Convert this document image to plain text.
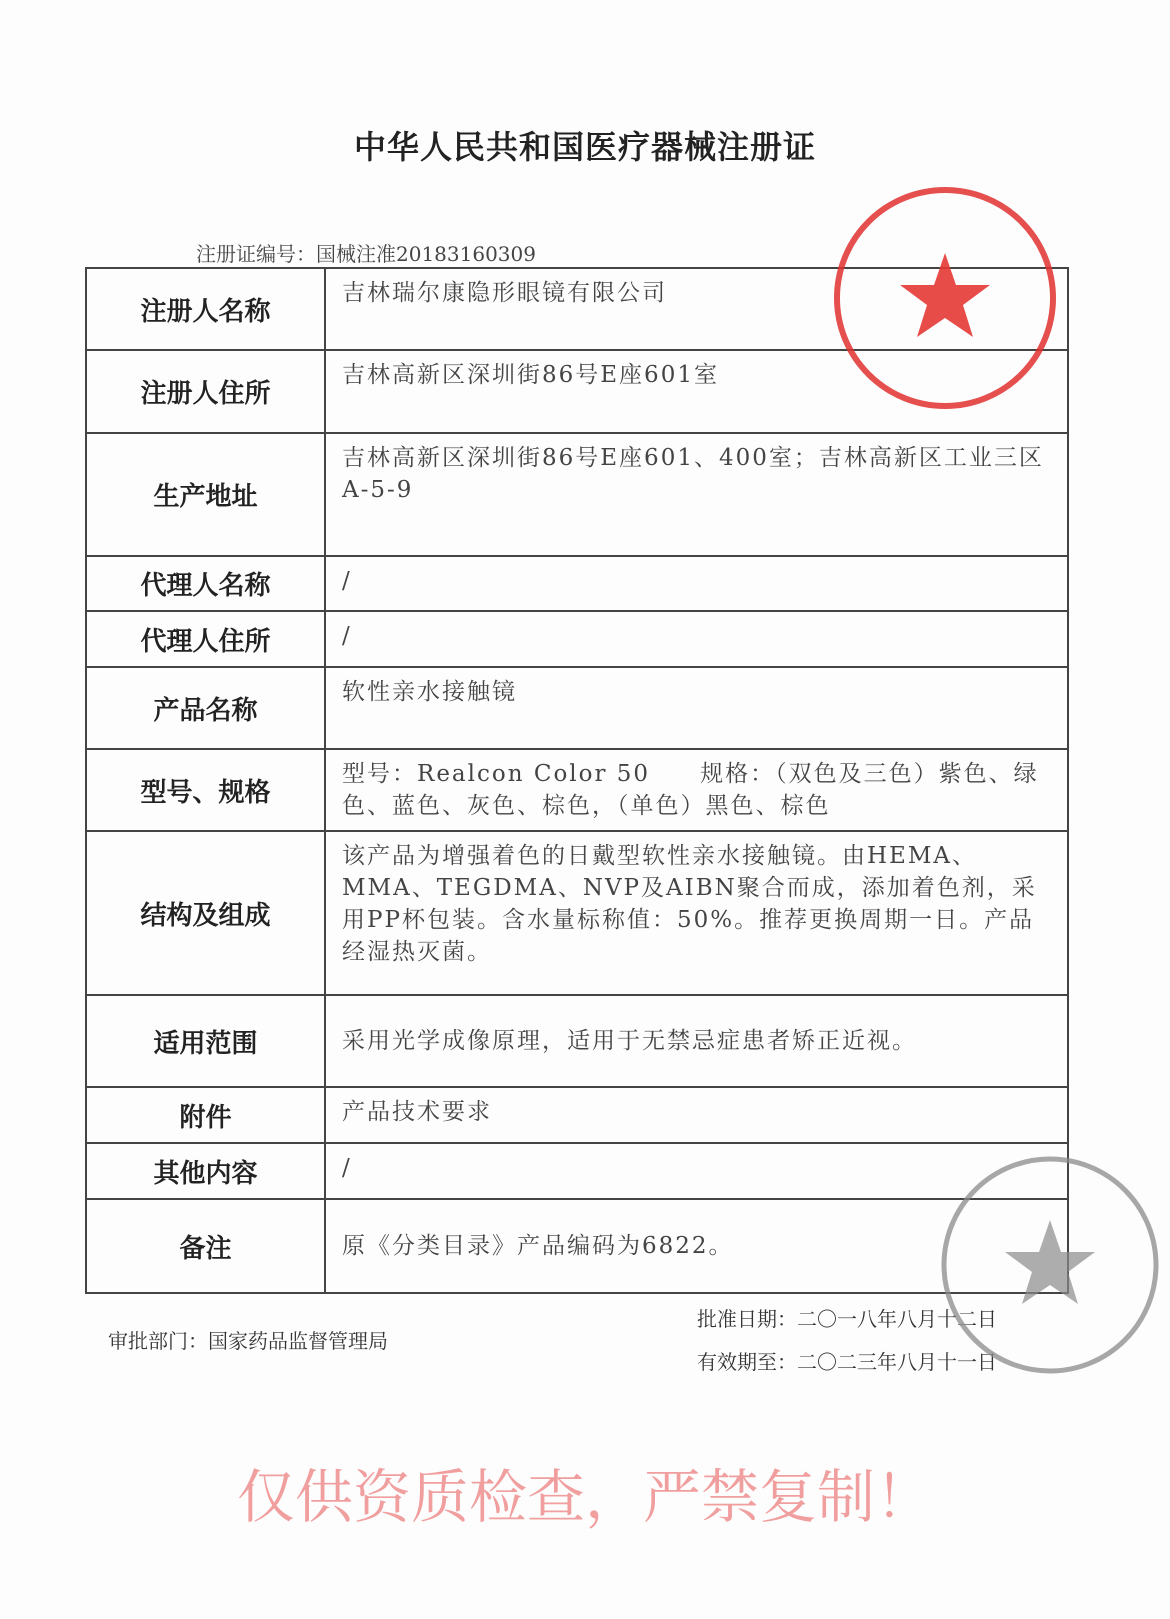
中华人民共和国医疗器械注册证
注册证编号：国械注准20183160309
注册人名称	吉林瑞尔康隐形眼镜有限公司
注册人住所	吉林高新区深圳街86号E座601室
生产地址	吉林高新区深圳街86号E座601、400室；吉林高新区工业三区A-5-9
代理人名称	/
代理人住所	/
产品名称	软性亲水接触镜
型号、规格	型号：Realcon Color 50　　规格：（双色及三色）紫色、绿色、蓝色、灰色、棕色，（单色）黑色、棕色
结构及组成	该产品为增强着色的日戴型软性亲水接触镜。由HEMA、MMA、TEGDMA、NVP及AIBN聚合而成，添加着色剂，采用PP杯包装。含水量标称值：50%。推荐更换周期一日。产品经湿热灭菌。
适用范围	采用光学成像原理，适用于无禁忌症患者矫正近视。
附件	产品技术要求
其他内容	/
备注	原《分类目录》产品编码为6822。
审批部门：国家药品监督管理局
批准日期：二〇一八年八月十二日
有效期至：二〇二三年八月十一日
仅供资质检查，严禁复制！
